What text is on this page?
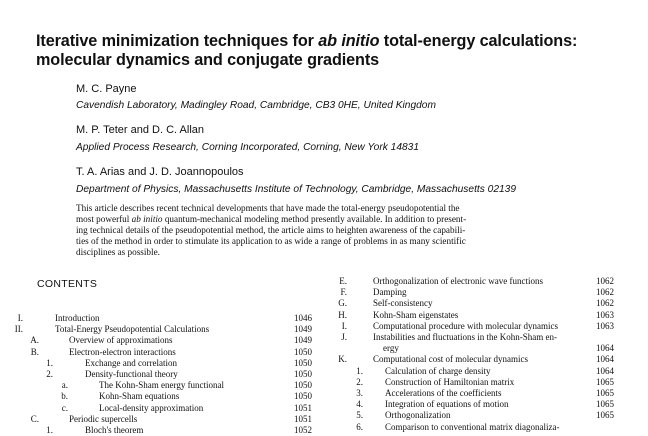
Iterative minimization techniques for ab initio total-energy calculations:
molecular dynamics and conjugate gradients
M. C. Payne
Cavendish Laboratory, Madingley Road, Cambridge, CB3 0HE, United Kingdom
M. P. Teter and D. C. Allan
Applied Process Research, Corning Incorporated, Corning, New York 14831
T. A. Arias and J. D. Joannopoulos
Department of Physics, Massachusetts Institute of Technology, Cambridge, Massachusetts 02139

This article describes recent technical developments that have made the total-energy pseudopotential the

most powerful ab initio quantum-mechanical modeling method presently available. In addition to present-

ing technical details of the pseudopotential method, the article aims to heighten awareness of the capabili-

ties of the method in order to stimulate its application to as wide a range of problems in as many scientific

disciplines as possible.

CONTENTS
I.	Introduction	1046
II.	Total-Energy Pseudopotential Calculations	1049
A.	Overview of approximations	1049
B.	Electron-electron interactions	1050
1.	Exchange and correlation	1050
2.	Density-functional theory	1050
a.	The Kohn-Sham energy functional	1050
b.	Kohn-Sham equations	1050
c.	Local-density approximation	1051
C.	Periodic supercells	1051
1.	Bloch's theorem	1052
E.	Orthogonalization of electronic wave functions	1062
F.	Damping	1062
G.	Self-consistency	1062
H.	Kohn-Sham eigenstates	1063
I.	Computational procedure with molecular dynamics	1063
J.	Instabilities and fluctuations in the Kohn-Sham en-
ergy	1064
K.	Computational cost of molecular dynamics	1064
1. Calculation of charge density	1064
2. Construction of Hamiltonian matrix	1065
3. Accelerations of the coefficients	1065
4. Integration of equations of motion	1065
5. Orthogonalization	1065
6. Comparison to conventional matrix diagonaliza-
